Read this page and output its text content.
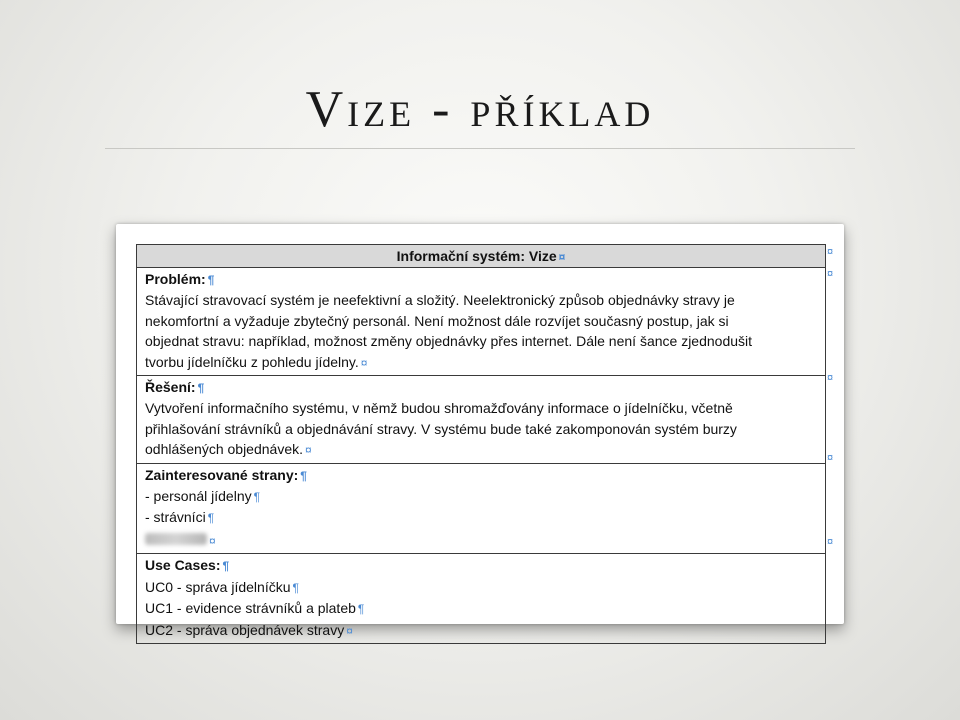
Vize - příklad
Informační systém: Vize ¤
Problém: ¶
Stávající stravovací systém je neefektivní a složitý. Neelektronický způsob objednávky stravy je
nekomfortní a vyžaduje zbytečný personál. Není možnost dále rozvíjet současný postup, jak si
objednat stravu: například, možnost změny objednávky přes internet. Dále není šance zjednodušit
tvorbu jídelníčku z pohledu jídelny. ¤
Řešení: ¶
Vytvoření informačního systému, v němž budou shromažďovány informace o jídelníčku, včetně
přihlašování strávníků a objednávání stravy. V systému bude také zakomponován systém burzy
odhlášených objednávek. ¤
Zainteresované strany: ¶
- personál jídelny ¶
- strávníci ¶
¤
Use Cases: ¶
UC0 - správa jídelníčku ¶
UC1 - evidence strávníků a plateb ¶
UC2 - správa objednávek stravy ¤
¤
¤
¤
¤
¤
